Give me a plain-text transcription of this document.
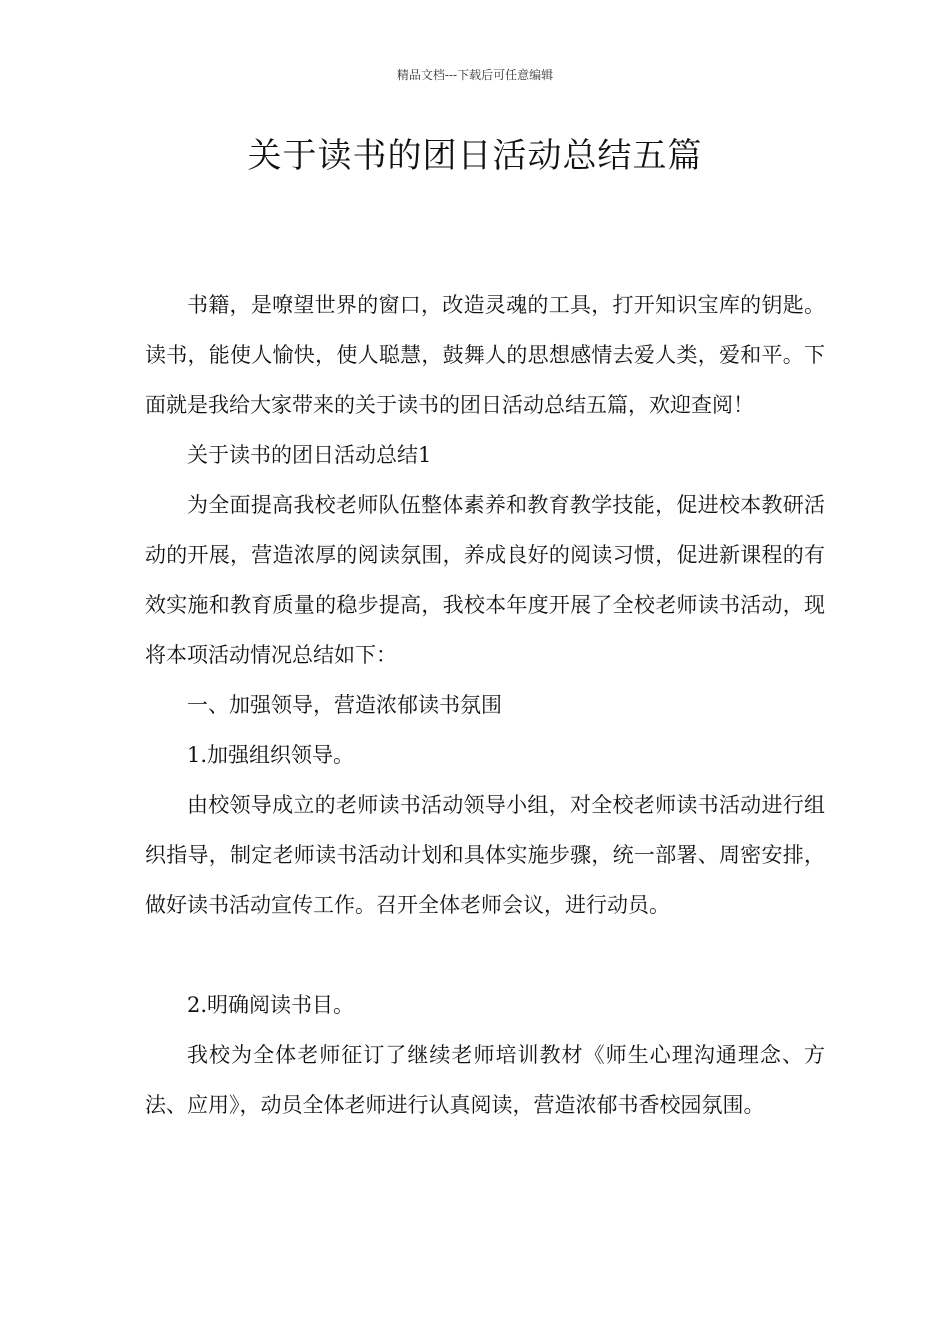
精品文档---下载后可任意编辑
关于读书的团日活动总结五篇

书籍，是嘹望世界的窗口，改造灵魂的工具，打开知识宝库的钥匙。读书，能使人愉快，使人聪慧，鼓舞人的思想感情去爱人类，爱和平。下面就是我给大家带来的关于读书的团日活动总结五篇，欢迎查阅！

关于读书的团日活动总结1

为全面提高我校老师队伍整体素养和教育教学技能，促进校本教研活动的开展，营造浓厚的阅读氛围，养成良好的阅读习惯，促进新课程的有效实施和教育质量的稳步提高，我校本年度开展了全校老师读书活动，现将本项活动情况总结如下：

一、加强领导，营造浓郁读书氛围

1.加强组织领导。

由校领导成立的老师读书活动领导小组，对全校老师读书活动进行组织指导，制定老师读书活动计划和具体实施步骤，统一部署、周密安排，做好读书活动宣传工作。召开全体老师会议，进行动员。

2.明确阅读书目。

我校为全体老师征订了继续老师培训教材《师生心理沟通理念、方法、应用》，动员全体老师进行认真阅读，营造浓郁书香校园氛围。
